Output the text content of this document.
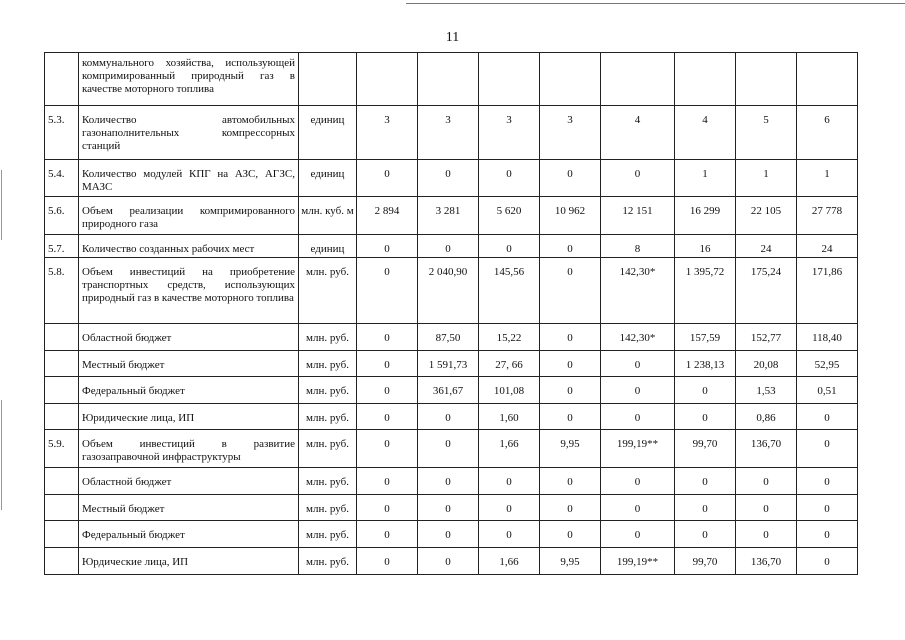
11
	коммунального хозяйства, использующей компримированный природный газ в качестве моторного топлива									
5.3.	Количество автомобильных газонаполнительных компрессорных станций	единиц	3	3	3	3	4	4	5	6
5.4.	Количество модулей КПГ на АЗС, АГЗС, МАЗС	единиц	0	0	0	0	0	1	1	1
5.6.	Объем реализации компримированного природного газа	млн. куб. м	2 894	3 281	5 620	10 962	12 151	16 299	22 105	27 778
5.7.	Количество созданных рабочих мест	единиц	0	0	0	0	8	16	24	24
5.8.	Объем инвестиций на приобретение транспортных средств, использующих природный газ в качестве моторного топлива	млн. руб.	0	2 040,90	145,56	0	142,30*	1 395,72	175,24	171,86
	Областной бюджет	млн. руб.	0	87,50	15,22	0	142,30*	157,59	152,77	118,40
	Местный бюджет	млн. руб.	0	1 591,73	27, 66	0	0	1 238,13	20,08	52,95
	Федеральный бюджет	млн. руб.	0	361,67	101,08	0	0	0	1,53	0,51
	Юридические лица, ИП	млн. руб.	0	0	1,60	0	0	0	0,86	0
5.9.	Объем инвестиций в развитие газозаправочной инфраструктуры	млн. руб.	0	0	1,66	9,95	199,19**	99,70	136,70	0
	Областной бюджет	млн. руб.	0	0	0	0	0	0	0	0
	Местный бюджет	млн. руб.	0	0	0	0	0	0	0	0
	Федеральный бюджет	млн. руб.	0	0	0	0	0	0	0	0
	Юрдические лица, ИП	млн. руб.	0	0	1,66	9,95	199,19**	99,70	136,70	0
